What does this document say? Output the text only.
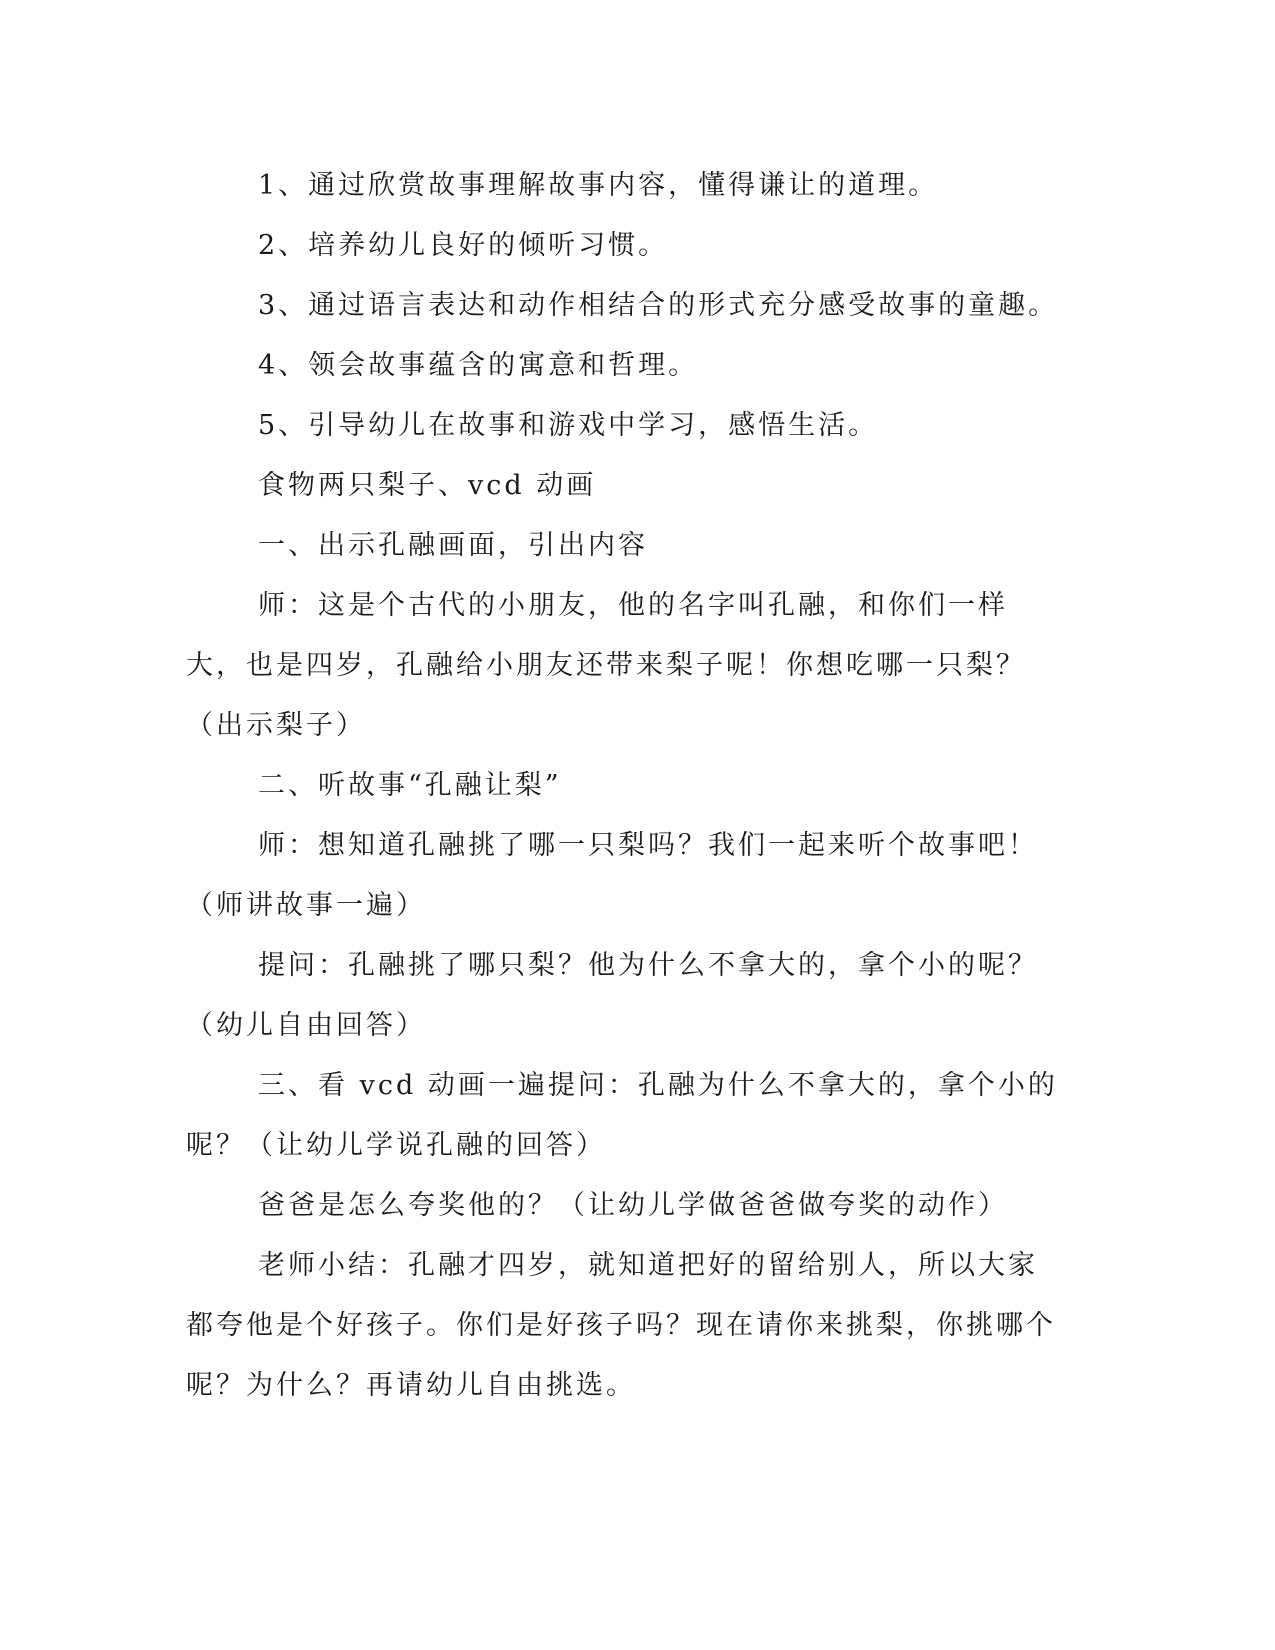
1、通过欣赏故事理解故事内容，懂得谦让的道理。

2、培养幼儿良好的倾听习惯。

3、通过语言表达和动作相结合的形式充分感受故事的童趣。

4、领会故事蕴含的寓意和哲理。

5、引导幼儿在故事和游戏中学习，感悟生活。

食物两只梨子、vcd 动画

一、出示孔融画面，引出内容

师：这是个古代的小朋友，他的名字叫孔融，和你们一样大，也是四岁，孔融给小朋友还带来梨子呢！你想吃哪一只梨？（出示梨子）

二、听故事“孔融让梨”

师：想知道孔融挑了哪一只梨吗？我们一起来听个故事吧！（师讲故事一遍）

提问：孔融挑了哪只梨？他为什么不拿大的，拿个小的呢？（幼儿自由回答）

三、看 vcd 动画一遍提问：孔融为什么不拿大的，拿个小的呢？（让幼儿学说孔融的回答）

爸爸是怎么夸奖他的？（让幼儿学做爸爸做夸奖的动作）

老师小结：孔融才四岁，就知道把好的留给别人，所以大家都夸他是个好孩子。你们是好孩子吗？现在请你来挑梨，你挑哪个呢？为什么？再请幼儿自由挑选。
